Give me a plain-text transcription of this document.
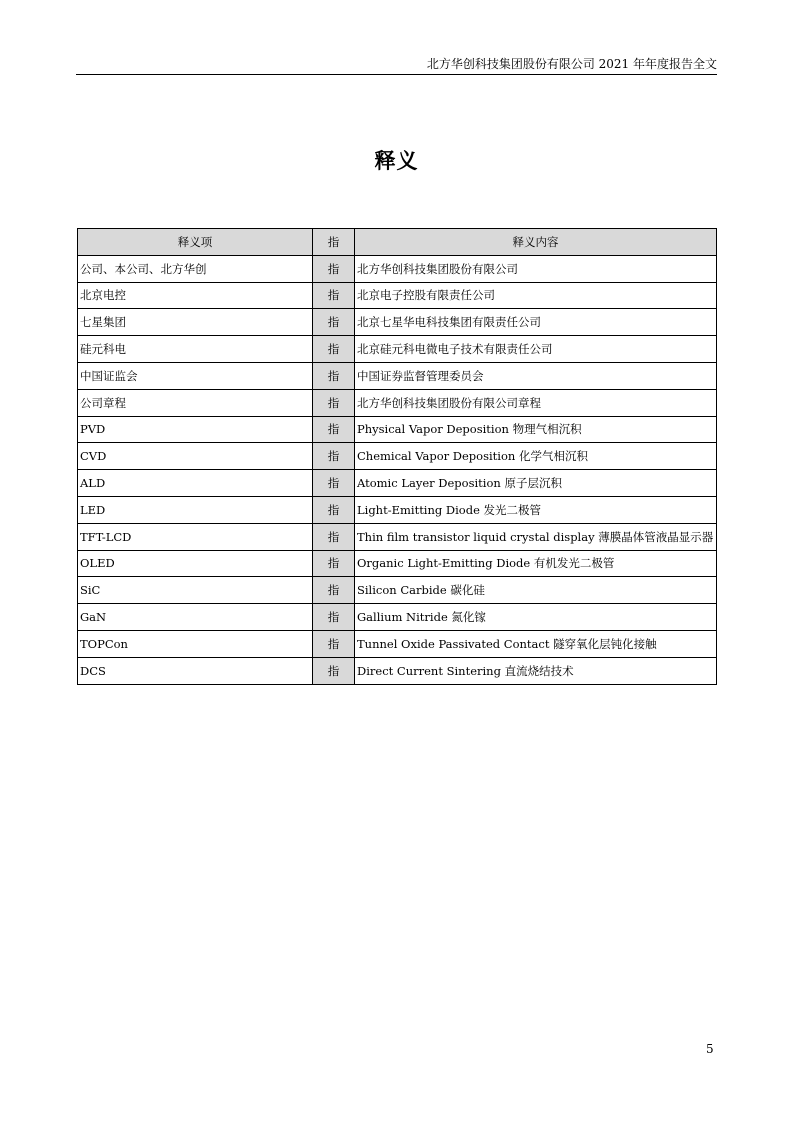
北方华创科技集团股份有限公司 2021 年年度报告全文
释义
释义项	指	释义内容
公司、本公司、北方华创	指	北方华创科技集团股份有限公司
北京电控	指	北京电子控股有限责任公司
七星集团	指	北京七星华电科技集团有限责任公司
硅元科电	指	北京硅元科电微电子技术有限责任公司
中国证监会	指	中国证券监督管理委员会
公司章程	指	北方华创科技集团股份有限公司章程
PVD	指	Physical Vapor Deposition 物理气相沉积
CVD	指	Chemical Vapor Deposition 化学气相沉积
ALD	指	Atomic Layer Deposition 原子层沉积
LED	指	Light-Emitting Diode 发光二极管
TFT-LCD	指	Thin film transistor liquid crystal display 薄膜晶体管液晶显示器
OLED	指	Organic Light-Emitting Diode 有机发光二极管
SiC	指	Silicon Carbide 碳化硅
GaN	指	Gallium Nitride 氮化镓
TOPCon	指	Tunnel Oxide Passivated Contact 隧穿氧化层钝化接触
DCS	指	Direct Current Sintering 直流烧结技术
5
